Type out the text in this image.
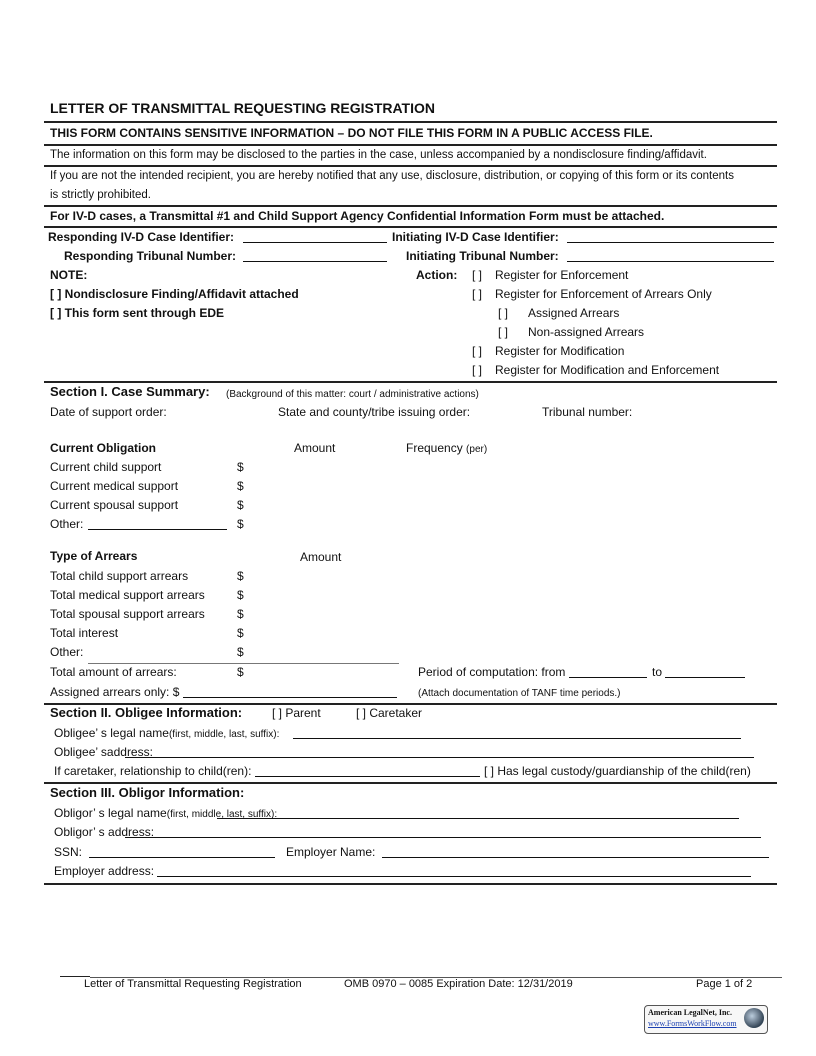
LETTER OF TRANSMITTAL REQUESTING REGISTRATION
THIS FORM CONTAINS SENSITIVE INFORMATION – DO NOT FILE THIS FORM IN A PUBLIC ACCESS FILE.
The information on this form may be disclosed to the parties in the case, unless accompanied by a nondisclosure finding/affidavit.
If you are not the intended recipient, you are hereby notified that any use, disclosure, distribution, or copying of this form or its contents
is strictly prohibited.
For IV-D cases, a Transmittal #1 and Child Support Agency Confidential Information Form must be attached.
Responding IV-D Case Identifier:	Initiating IV-D Case Identifier:
Responding Tribunal Number:	Initiating Tribunal Number:
NOTE:
[ ] Nondisclosure Finding/Affidavit attached
[ ] This form sent through EDE
Action: [ ] Register for Enforcement
[ ] Register for Enforcement of Arrears Only
[ ] Assigned Arrears
[ ] Non-assigned Arrears
[ ] Register for Modification
[ ] Register for Modification and Enforcement
Section I. Case Summary: (Background of this matter: court / administrative actions)
Date of support order:	State and county/tribe issuing order:	Tribunal number:
Current Obligation	Amount	Frequency (per)
Current child support	$
Current medical support	$
Current spousal support	$
Other:	$
Type of Arrears	Amount
Total child support arrears	$
Total medical support arrears	$
Total spousal support arrears	$
Total interest	$
Other:	$
Total amount of arrears:	$	Period of computation: from	to
Assigned arrears only: $	(Attach documentation of TANF time periods.)
Section II. Obligee Information: [ ] Parent	[ ] Caretaker
Obligee’ s legal name(first, middle, last, suffix):
Obligee’ saddress:
If caretaker, relationship to child(ren):	[ ] Has legal custody/guardianship of the child(ren)
Section III. Obligor Information:
Obligor’ s legal name(first, middle, last, suffix):
Obligor’ s address:
SSN:	Employer Name:
Employer address:
Letter of Transmittal Requesting Registration	OMB 0970 – 0085 Expiration Date: 12/31/2019	Page 1 of 2
American LegalNet, Inc.
www.FormsWorkFlow.com
